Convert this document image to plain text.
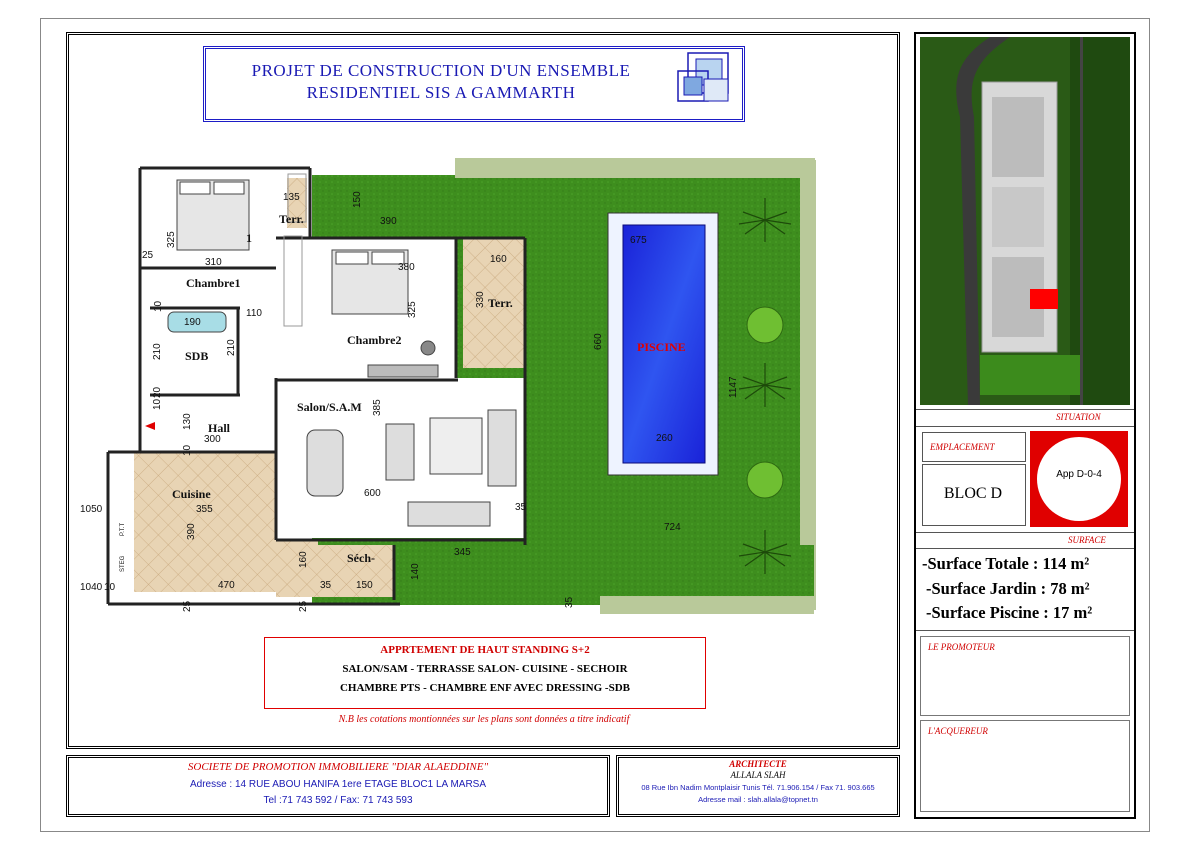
PROJET DE CONSTRUCTION D'UN ENSEMBLE
RESIDENTIEL SIS A GAMMARTH
135	150
390
325
25
310	380
160
330
325
10
110
190
210	210
20
10
130
300
385
10
1050	355
600
390
160
35 150
1040 10	470
25	25
35
35
345
140
675
660
260
1147
724
Terr.
1
Chambre1
Terr.
Chambre2
SDB
Salon/S.A.M
Hall
Cuisine
Séch-
PISCINE
P.T.T
STEG
APPRTEMENT DE HAUT STANDING S+2
SALON/SAM - TERRASSE SALON- CUISINE - SECHOIR
CHAMBRE PTS - CHAMBRE ENF AVEC DRESSING -SDB
N.B les cotations montionnées sur les plans sont données a titre indicatif
SOCIETE DE PROMOTION IMMOBILIERE "DIAR ALAEDDINE"
Adresse : 14 RUE ABOU HANIFA 1ere ETAGE BLOC1 LA MARSA
Tel :71 743 592 / Fax: 71 743 593
ARCHITECTE
ALLALA SLAH
08 Rue Ibn Nadim Montplaisir Tunis Tél. 71.906.154 / Fax 71. 903.665
Adresse mail : slah.allala@topnet.tn
SITUATION
EMPLACEMENT
BLOC D
App D-0-4
SURFACE
-Surface Totale : 114 m²
-Surface Jardin : 78 m²
-Surface Piscine : 17 m²
LE PROMOTEUR
L'ACQUEREUR
